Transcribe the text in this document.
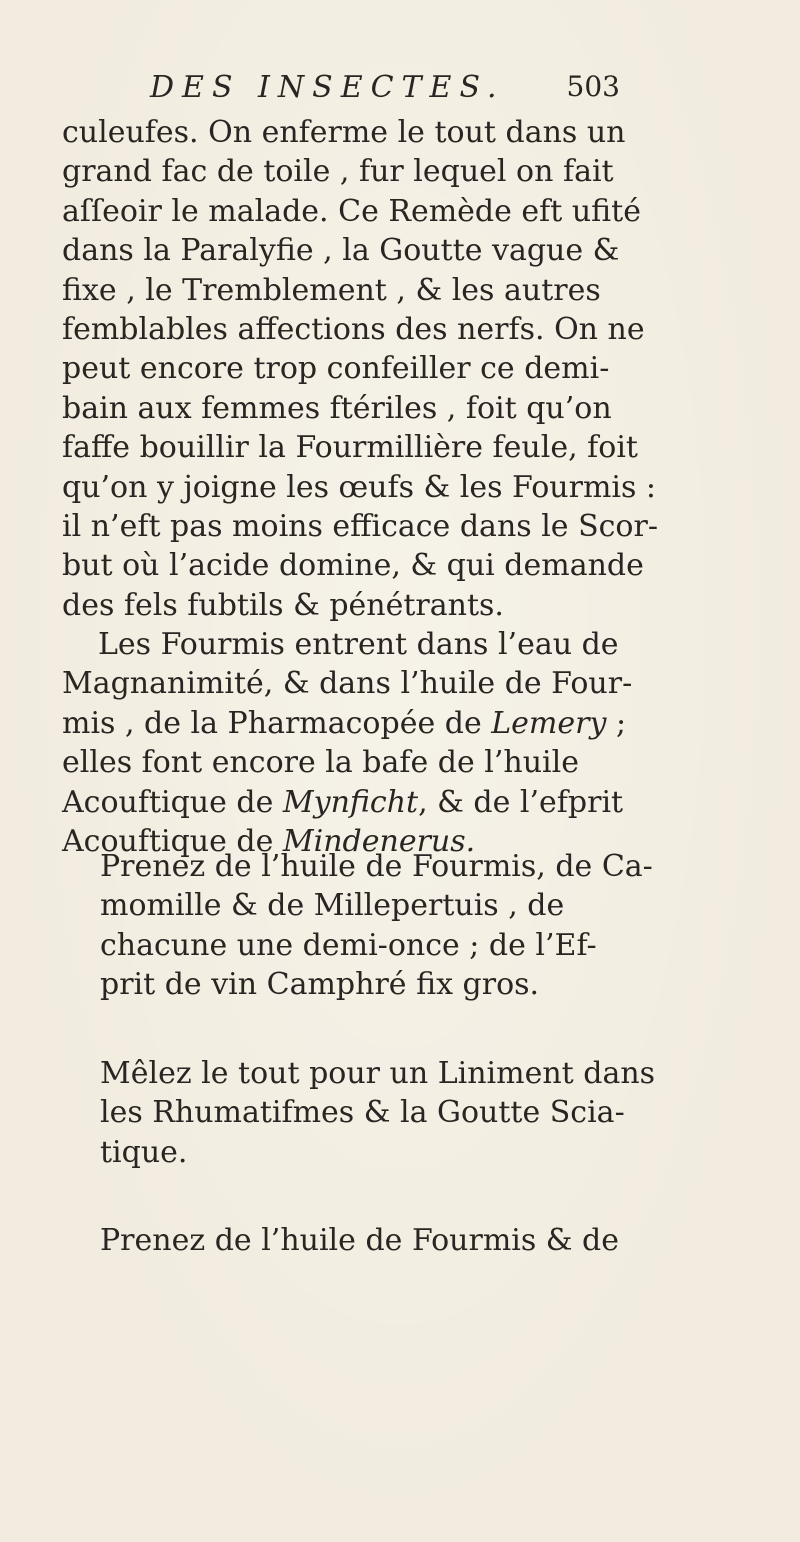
DES INSECTES. 503
culeufes. On enferme le tout dans un
grand fac de toile , fur lequel on fait
aſſeoir le malade. Ce Remède eft ufité
dans la Paralyfie , la Goutte vague &
fixe , le Tremblement , & les autres
femblables affections des nerfs. On ne
peut encore trop confeiller ce demi-
bain aux femmes ftériles , foit qu’on
faffe bouillir la Fourmillière feule, foit
qu’on y joigne les œufs & les Fourmis :
il n’eft pas moins efficace dans le Scor-
but où l’acide domine, & qui demande
des fels fubtils & pénétrants.
Les Fourmis entrent dans l’eau de
Magnanimité, & dans l’huile de Four-
mis , de la Pharmacopée de Lemery ;
elles font encore la bafe de l’huile
Acouftique de Mynficht, & de l’efprit
Acouftique de Mindenerus.
Prenez de l’huile de Fourmis, de Ca-
momille & de Millepertuis , de
chacune une demi-once ; de l’Ef-
prit de vin Camphré fix gros.
Mêlez le tout pour un Liniment dans
les Rhumatifmes & la Goutte Scia-
tique.
Prenez de l’huile de Fourmis & de
